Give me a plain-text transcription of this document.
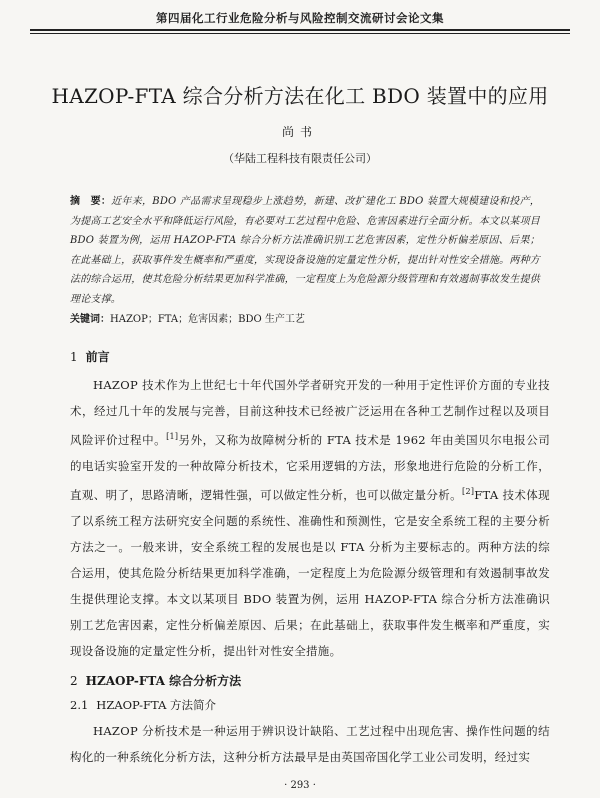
第四届化工行业危险分析与风险控制交流研讨会论文集
HAZOP-FTA 综合分析方法在化工 BDO 装置中的应用
尚书
（华陆工程科技有限责任公司）
摘　要：近年来，BDO 产品需求呈现稳步上涨趋势，新建、改扩建化工 BDO 装置大规模建设和投产，为提高工艺安全水平和降低运行风险，有必要对工艺过程中危险、危害因素进行全面分析。本文以某项目 BDO 装置为例，运用 HAZOP-FTA 综合分析方法准确识别工艺危害因素，定性分析偏差原因、后果；在此基础上，获取事件发生概率和严重度，实现设备设施的定量定性分析，提出针对性安全措施。两种方法的综合运用，使其危险分析结果更加科学准确，一定程度上为危险源分级管理和有效遏制事故发生提供理论支撑。
关键词：HAZOP；FTA；危害因素；BDO 生产工艺
1 前言
HAZOP 技术作为上世纪七十年代国外学者研究开发的一种用于定性评价方面的专业技术，经过几十年的发展与完善，目前这种技术已经被广泛运用在各种工艺制作过程以及项目风险评价过程中。[1]另外，又称为故障树分析的 FTA 技术是 1962 年由美国贝尔电报公司的电话实验室开发的一种故障分析技术，它采用逻辑的方法，形象地进行危险的分析工作，直观、明了，思路清晰，逻辑性强，可以做定性分析，也可以做定量分析。[2]FTA 技术体现了以系统工程方法研究安全问题的系统性、准确性和预测性，它是安全系统工程的主要分析方法之一。一般来讲，安全系统工程的发展也是以 FTA 分析为主要标志的。两种方法的综合运用，使其危险分析结果更加科学准确，一定程度上为危险源分级管理和有效遏制事故发生提供理论支撑。本文以某项目 BDO 装置为例，运用 HAZOP-FTA 综合分析方法准确识别工艺危害因素，定性分析偏差原因、后果；在此基础上，获取事件发生概率和严重度，实现设备设施的定量定性分析，提出针对性安全措施。
2 HZAOP-FTA 综合分析方法
2.1 HZAOP-FTA 方法简介
HAZOP 分析技术是一种运用于辨识设计缺陷、工艺过程中出现危害、操作性问题的结构化的一种系统化分析方法，这种分析方法最早是由英国帝国化学工业公司发明，经过实
· 293 ·
